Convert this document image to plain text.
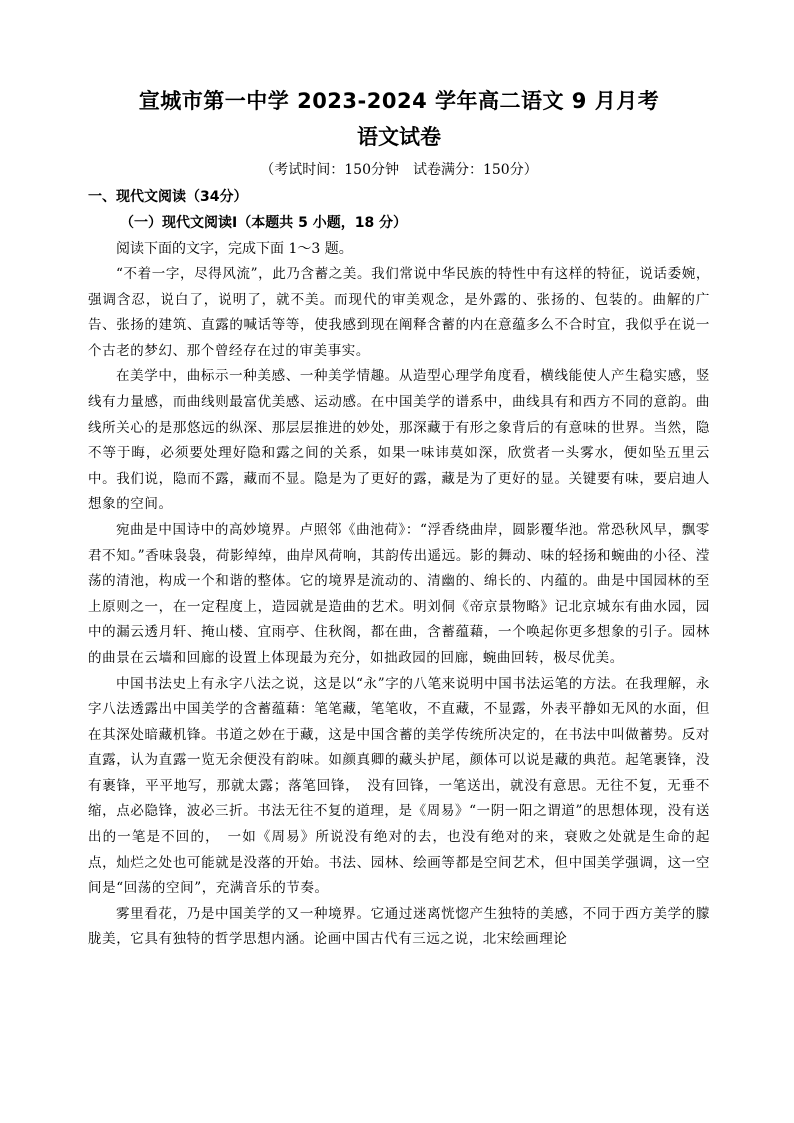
宣城市第一中学 2023-2024 学年高二语文 9 月月考
语文试卷
（考试时间：150分钟　试卷满分：150分）
一、现代文阅读（34分）
（一）现代文阅读Ⅰ（本题共 5 小题，18 分）
阅读下面的文字，完成下面 1～3 题。

“不着一字，尽得风流”，此乃含蓄之美。我们常说中华民族的特性中有这样的特征，说话委婉，强调含忍，说白了，说明了，就不美。而现代的审美观念，是外露的、张扬的、包装的。曲解的广告、张扬的建筑、直露的喊话等等，使我感到现在阐释含蓄的内在意蕴多么不合时宜，我似乎在说一个古老的梦幻、那个曾经存在过的审美事实。

在美学中，曲标示一种美感、一种美学情趣。从造型心理学角度看，横线能使人产生稳实感，竖线有力量感，而曲线则最富优美感、运动感。在中国美学的谱系中，曲线具有和西方不同的意韵。曲线所关心的是那悠远的纵深、那层层推进的妙处，那深藏于有形之象背后的有意味的世界。当然，隐不等于晦，必须要处理好隐和露之间的关系，如果一味讳莫如深，欣赏者一头雾水，便如坠五里云中。我们说，隐而不露，藏而不显。隐是为了更好的露，藏是为了更好的显。关键要有味，要启迪人想象的空间。

宛曲是中国诗中的高妙境界。卢照邻《曲池荷》：“浮香绕曲岸，圆影覆华池。常恐秋风早，飘零君不知。”香味袅袅，荷影绰绰，曲岸风荷响，其韵传出遥远。影的舞动、味的轻扬和蜿曲的小径、滢荡的清池，构成一个和谐的整体。它的境界是流动的、清幽的、绵长的、内蕴的。曲是中国园林的至上原则之一，在一定程度上，造园就是造曲的艺术。明刘侗《帝京景物略》记北京城东有曲水园，园中的漏云透月轩、掩山楼、宜雨亭、住秋阁，都在曲，含蓄蕴藉，一个唤起你更多想象的引子。园林的曲景在云墙和回廊的设置上体现最为充分，如拙政园的回廊，蜿曲回转，极尽优美。

中国书法史上有永字八法之说，这是以“永”字的八笔来说明中国书法运笔的方法。在我理解，永字八法透露出中国美学的含蓄蕴藉：笔笔藏，笔笔收，不直藏，不显露，外表平静如无风的水面，但在其深处暗藏机锋。书道之妙在于藏，这是中国含蓄的美学传统所决定的，在书法中叫做蓄势。反对直露，认为直露一览无余便没有韵味。如颜真卿的藏头护尾，颜体可以说是藏的典范。起笔裹锋，没有裹锋，平平地写，那就太露；落笔回锋，　没有回锋，一笔送出，就没有意思。无往不复，无垂不缩，点必隐锋，波必三折。书法无往不复的道理，是《周易》“一阴一阳之谓道”的思想体现，没有送出的一笔是不回的，　一如《周易》所说没有绝对的去，也没有绝对的来，衰败之处就是生命的起点，灿烂之处也可能就是没落的开始。书法、园林、绘画等都是空间艺术，但中国美学强调，这一空间是“回荡的空间”，充满音乐的节奏。

雾里看花，乃是中国美学的又一种境界。它通过迷离恍惚产生独特的美感，不同于西方美学的朦胧美，它具有独特的哲学思想内涵。论画中国古代有三远之说，北宋绘画理论
